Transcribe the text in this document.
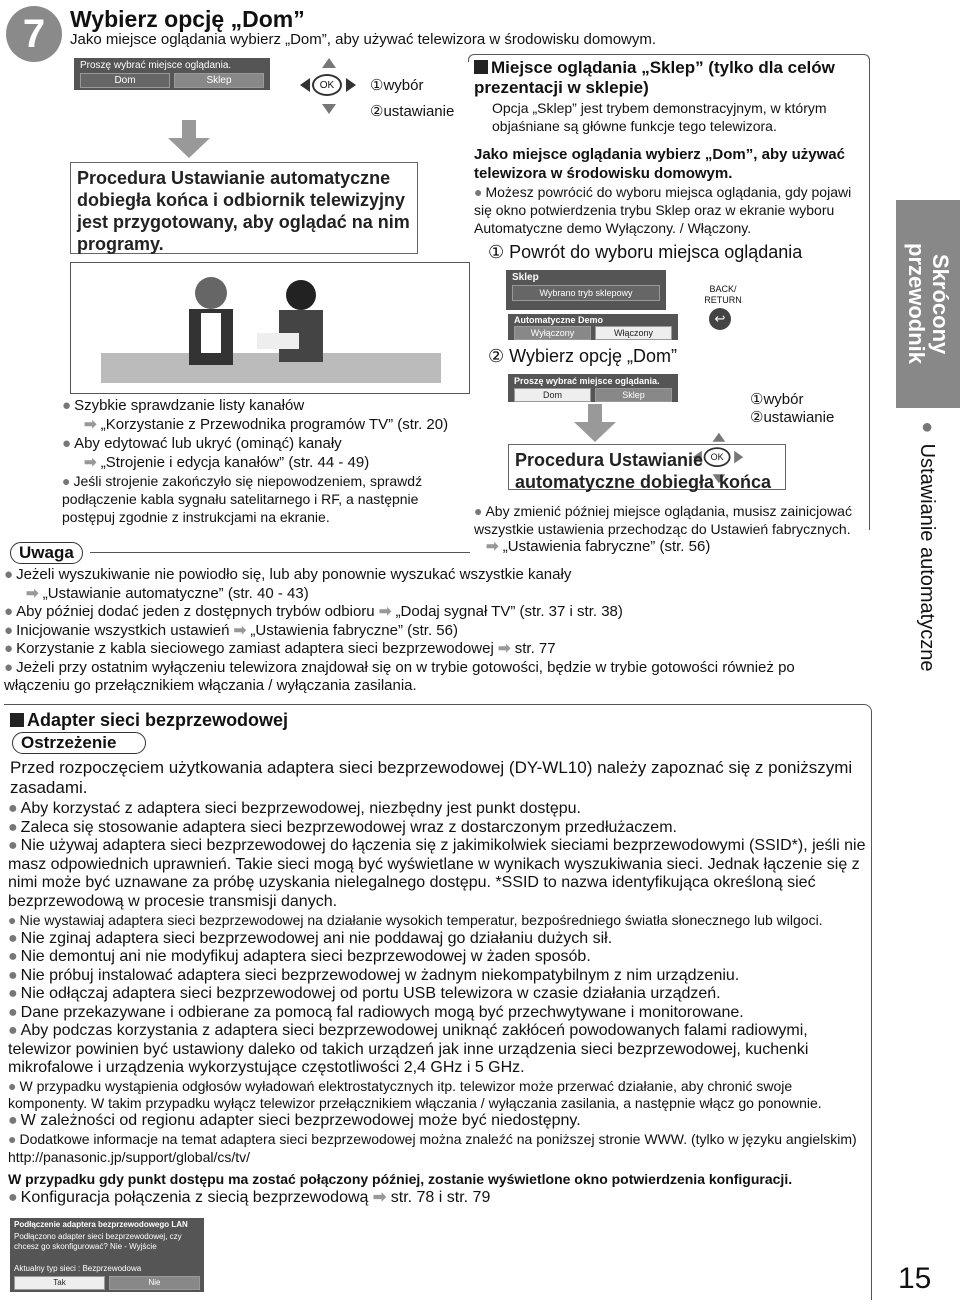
7	Wybierz opcję „Dom”
Jako miejsce oglądania wybierz „Dom”, aby używać telewizora w środowisku domowym.
Proszę wybrać miejsce oglądania.
Dom	Sklep	OK	①wybór
②ustawianie
Procedura Ustawianie automatyczne dobiegła końca i odbiornik telewizyjny jest przygotowany, aby oglądać na nim programy.
● Szybkie sprawdzanie listy kanałów
➡ „Korzystanie z Przewodnika programów TV” (str. 20)
● Aby edytować lub ukryć (ominąć) kanały
➡ „Strojenie i edycja kanałów” (str. 44 - 49)
● Jeśli strojenie zakończyło się niepowodzeniem, sprawdź podłączenie kabla sygnału satelitarnego i RF, a następnie postępuj zgodnie z instrukcjami na ekranie.
Miejsce oglądania „Sklep” (tylko dla celów prezentacji w sklepie)
Opcja „Sklep” jest trybem demonstracyjnym, w którym objaśniane są główne funkcje tego telewizora.
Jako miejsce oglądania wybierz „Dom”, aby używać telewizora w środowisku domowym.
● Możesz powrócić do wyboru miejsca oglądania, gdy pojawi się okno potwierdzenia trybu Sklep oraz w ekranie wyboru Automatyczne demo Wyłączony. / Włączony.
① Powrót do wyboru miejsca oglądania
Sklep
Wybrano tryb sklepowy
Automatyczne Demo
Wyłączony	Włączony
BACK/ RETURN
↩
② Wybierz opcję „Dom”
Proszę wybrać miejsce oglądania.
Dom	Sklep
OK
①wybór
②ustawianie
Procedura Ustawianie automatyczne dobiegła końca
● Aby zmienić później miejsce oglądania, musisz zainicjować wszystkie ustawienia przechodząc do Ustawień fabrycznych.
➡ „Ustawienia fabryczne” (str. 56)
Uwaga
● Jeżeli wyszukiwanie nie powiodło się, lub aby ponownie wyszukać wszystkie kanały
➡ „Ustawianie automatyczne” (str. 40 - 43)
● Aby później dodać jeden z dostępnych trybów odbioru ➡ „Dodaj sygnał TV” (str. 37 i str. 38)
● Inicjowanie wszystkich ustawień ➡ „Ustawienia fabryczne” (str. 56)
● Korzystanie z kabla sieciowego zamiast adaptera sieci bezprzewodowej ➡ str. 77
● Jeżeli przy ostatnim wyłączeniu telewizora znajdował się on w trybie gotowości, będzie w trybie gotowości również po włączeniu go przełącznikiem włączania / wyłączania zasilania.
Adapter sieci bezprzewodowej
Ostrzeżenie
Przed rozpoczęciem użytkowania adaptera sieci bezprzewodowej (DY-WL10) należy zapoznać się z poniższymi zasadami.
● Aby korzystać z adaptera sieci bezprzewodowej, niezbędny jest punkt dostępu.
● Zaleca się stosowanie adaptera sieci bezprzewodowej wraz z dostarczonym przedłużaczem.
● Nie używaj adaptera sieci bezprzewodowej do łączenia się z jakimikolwiek sieciami bezprzewodowymi (SSID*), jeśli nie masz odpowiednich uprawnień. Takie sieci mogą być wyświetlane w wynikach wyszukiwania sieci. Jednak łączenie się z nimi może być uznawane za próbę uzyskania nielegalnego dostępu. *SSID to nazwa identyfikująca określoną sieć bezprzewodową w procesie transmisji danych.
● Nie wystawiaj adaptera sieci bezprzewodowej na działanie wysokich temperatur, bezpośredniego światła słonecznego lub wilgoci.
● Nie zginaj adaptera sieci bezprzewodowej ani nie poddawaj go działaniu dużych sił.
● Nie demontuj ani nie modyfikuj adaptera sieci bezprzewodowej w żaden sposób.
● Nie próbuj instalować adaptera sieci bezprzewodowej w żadnym niekompatybilnym z nim urządzeniu.
● Nie odłączaj adaptera sieci bezprzewodowej od portu USB telewizora w czasie działania urządzeń.
● Dane przekazywane i odbierane za pomocą fal radiowych mogą być przechwytywane i monitorowane.
● Aby podczas korzystania z adaptera sieci bezprzewodowej uniknąć zakłóceń powodowanych falami radiowymi, telewizor powinien być ustawiony daleko od takich urządzeń jak inne urządzenia sieci bezprzewodowej, kuchenki mikrofalowe i urządzenia wykorzystujące częstotliwości 2,4 GHz i 5 GHz.
● W przypadku wystąpienia odgłosów wyładowań elektrostatycznych itp. telewizor może przerwać działanie, aby chronić swoje komponenty. W takim przypadku wyłącz telewizor przełącznikiem włączania / wyłączania zasilania, a następnie włącz go ponownie.
● W zależności od regionu adapter sieci bezprzewodowej może być niedostępny.
● Dodatkowe informacje na temat adaptera sieci bezprzewodowej można znaleźć na poniższej stronie WWW. (tylko w języku angielskim) http://panasonic.jp/support/global/cs/tv/
W przypadku gdy punkt dostępu ma zostać połączony później, zostanie wyświetlone okno potwierdzenia konfiguracji.
● Konfiguracja połączenia z siecią bezprzewodową ➡ str. 78 i str. 79
Podłączenie adaptera bezprzewodowego LAN
Podłączono adapter sieci bezprzewodowej, czy chcesz go skonfigurować? Nie - Wyjście
Aktualny typ sieci : Bezprzewodowa
Tak	Nie
Skrócony przewodnik
● Ustawianie automatyczne
15
